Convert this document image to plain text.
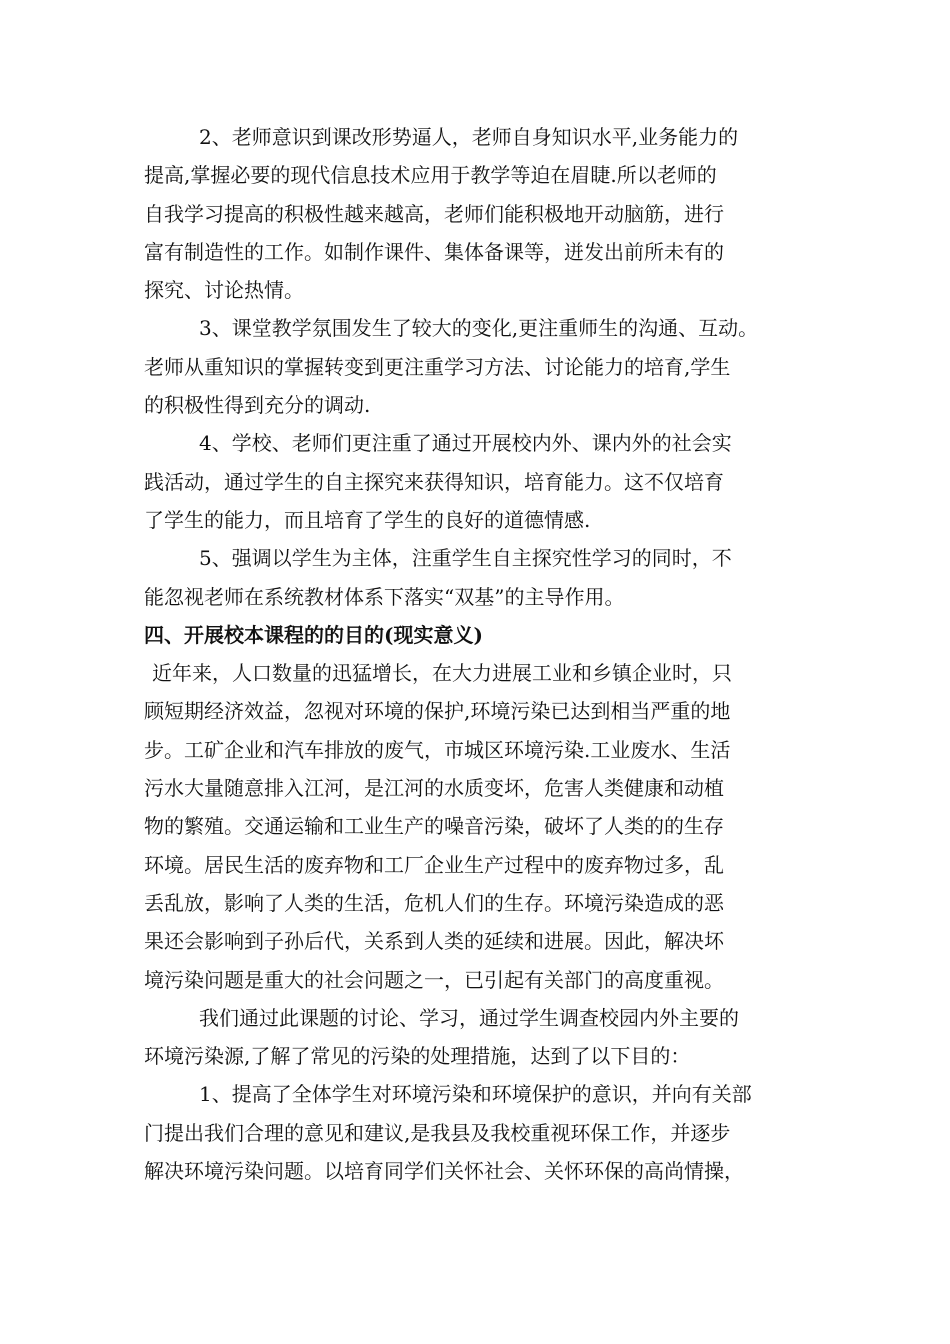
2、老师意识到课改形势逼人，老师自身知识水平,业务能力的
提高,掌握必要的现代信息技术应用于教学等迫在眉睫.所以老师的
自我学习提高的积极性越来越高，老师们能积极地开动脑筋，进行
富有制造性的工作。如制作课件、集体备课等，迸发出前所未有的
探究、讨论热情。
3、课堂教学氛围发生了较大的变化,更注重师生的沟通、互动。
老师从重知识的掌握转变到更注重学习方法、讨论能力的培育,学生
的积极性得到充分的调动.
4、学校、老师们更注重了通过开展校内外、课内外的社会实
践活动，通过学生的自主探究来获得知识，培育能力。这不仅培育
了学生的能力，而且培育了学生的良好的道德情感.
5、强调以学生为主体，注重学生自主探究性学习的同时，不
能忽视老师在系统教材体系下落实“双基”的主导作用。
四、开展校本课程的的目的(现实意义)
近年来，人口数量的迅猛增长，在大力进展工业和乡镇企业时，只
顾短期经济效益，忽视对环境的保护,环境污染已达到相当严重的地
步。工矿企业和汽车排放的废气，市城区环境污染.工业废水、生活
污水大量随意排入江河，是江河的水质变坏，危害人类健康和动植
物的繁殖。交通运输和工业生产的噪音污染，破坏了人类的的生存
环境。居民生活的废弃物和工厂企业生产过程中的废弃物过多，乱
丢乱放，影响了人类的生活，危机人们的生存。环境污染造成的恶
果还会影响到子孙后代，关系到人类的延续和进展。因此，解决坏
境污染问题是重大的社会问题之一，已引起有关部门的高度重视。
我们通过此课题的讨论、学习，通过学生调查校园内外主要的
环境污染源,了解了常见的污染的处理措施，达到了以下目的：
1、提高了全体学生对环境污染和环境保护的意识，并向有关部
门提出我们合理的意见和建议,是我县及我校重视环保工作，并逐步
解决环境污染问题。以培育同学们关怀社会、关怀环保的高尚情操，
